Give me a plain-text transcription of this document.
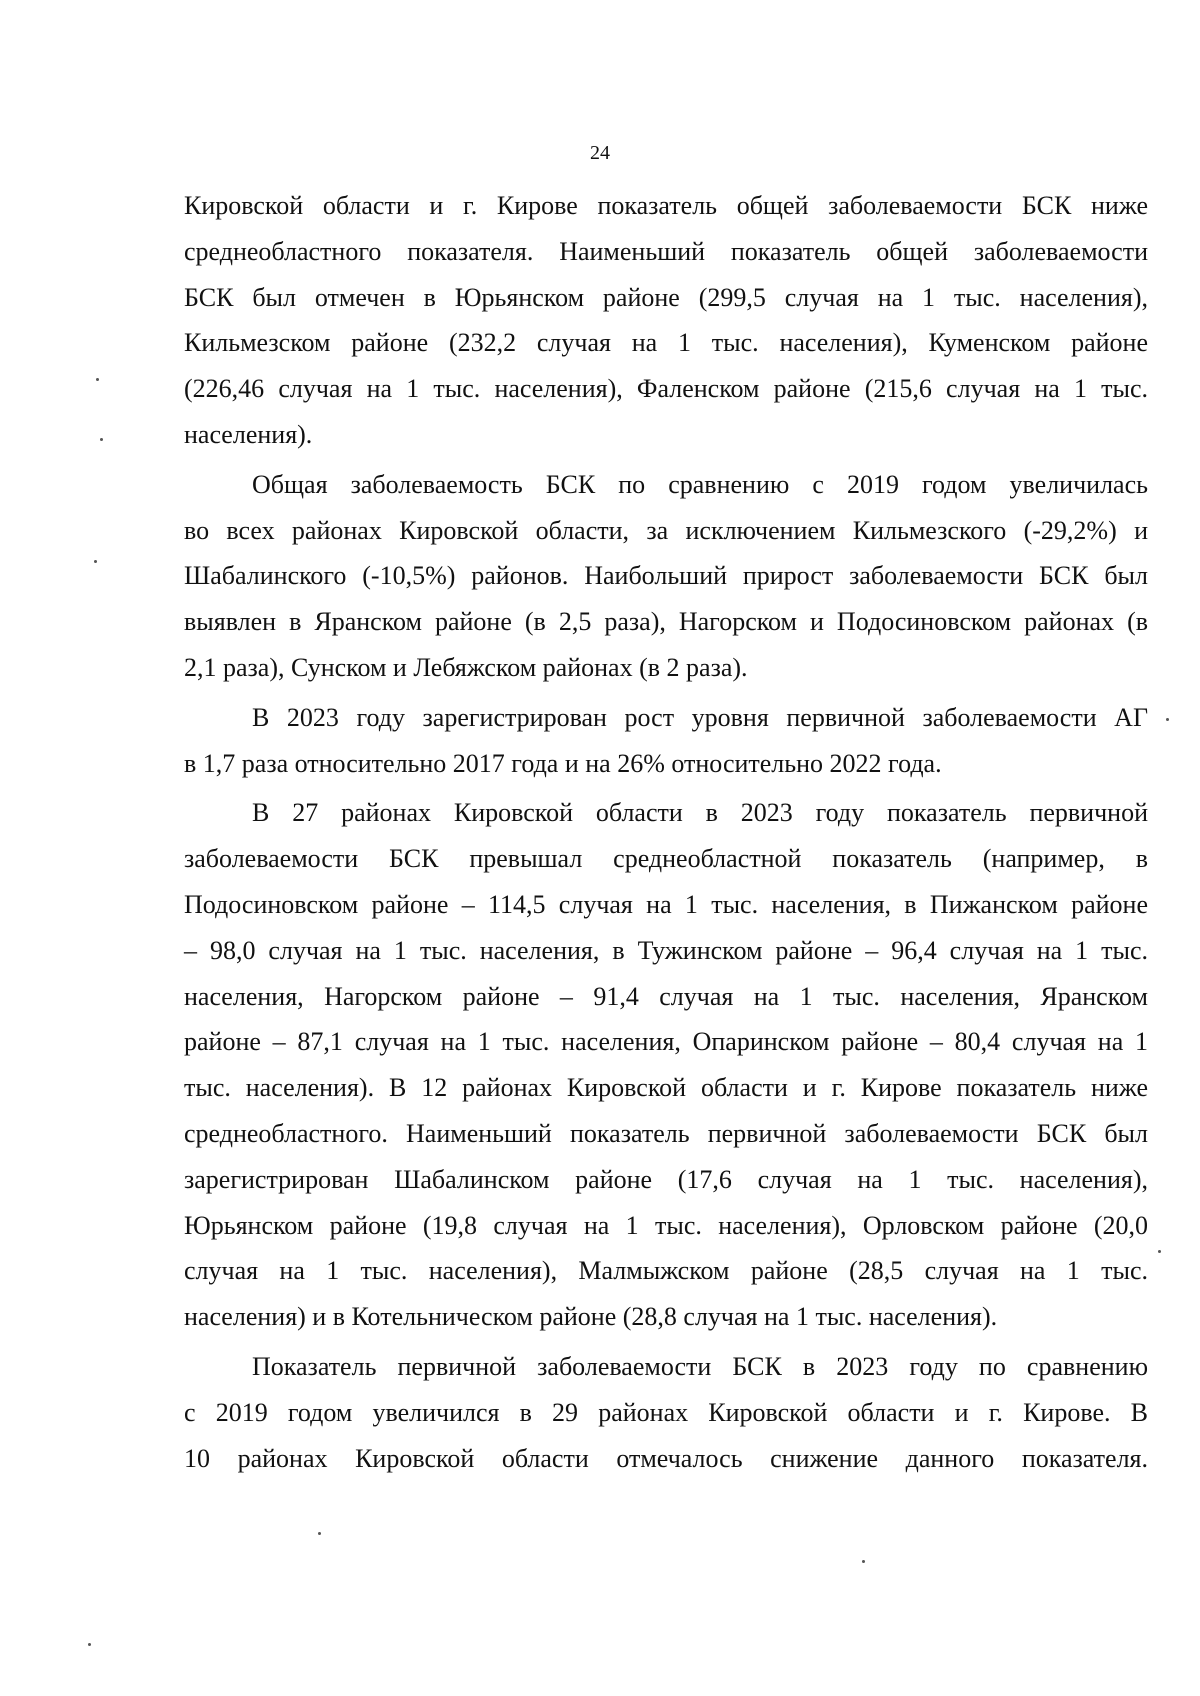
24
Кировской области и г. Кирове показатель общей заболеваемости БСК ниже
среднеобластного показателя. Наименьший показатель общей заболеваемости
БСК был отмечен в Юрьянском районе (299,5 случая на 1 тыс. населения),
Кильмезском районе (232,2 случая на 1 тыс. населения), Куменском районе
(226,46 случая на 1 тыс. населения), Фаленском районе (215,6 случая на 1 тыс.
населения).
Общая заболеваемость БСК по сравнению с 2019 годом увеличилась
во всех районах Кировской области, за исключением Кильмезского (-29,2%) и
Шабалинского (-10,5%) районов. Наибольший прирост заболеваемости БСК был
выявлен в Яранском районе (в 2,5 раза), Нагорском и Подосиновском районах (в
2,1 раза), Сунском и Лебяжском районах (в 2 раза).
В 2023 году зарегистрирован рост уровня первичной заболеваемости АГ
в 1,7 раза относительно 2017 года и на 26% относительно 2022 года.
В 27 районах Кировской области в 2023 году показатель первичной
заболеваемости БСК превышал среднеобластной показатель (например, в
Подосиновском районе – 114,5 случая на 1 тыс. населения, в Пижанском районе
– 98,0 случая на 1 тыс. населения, в Тужинском районе – 96,4 случая на 1 тыс.
населения, Нагорском районе – 91,4 случая на 1 тыс. населения, Яранском
районе – 87,1 случая на 1 тыс. населения, Опаринском районе – 80,4 случая на 1
тыс. населения). В 12 районах Кировской области и г. Кирове показатель ниже
среднеобластного. Наименьший показатель первичной заболеваемости БСК был
зарегистрирован Шабалинском районе (17,6 случая на 1 тыс. населения),
Юрьянском районе (19,8 случая на 1 тыс. населения), Орловском районе (20,0
случая на 1 тыс. населения), Малмыжском районе (28,5 случая на 1 тыс.
населения) и в Котельническом районе (28,8 случая на 1 тыс. населения).
Показатель первичной заболеваемости БСК в 2023 году по сравнению
с 2019 годом увеличился в 29 районах Кировской области и г. Кирове. В
10 районах Кировской области отмечалось снижение данного показателя.
